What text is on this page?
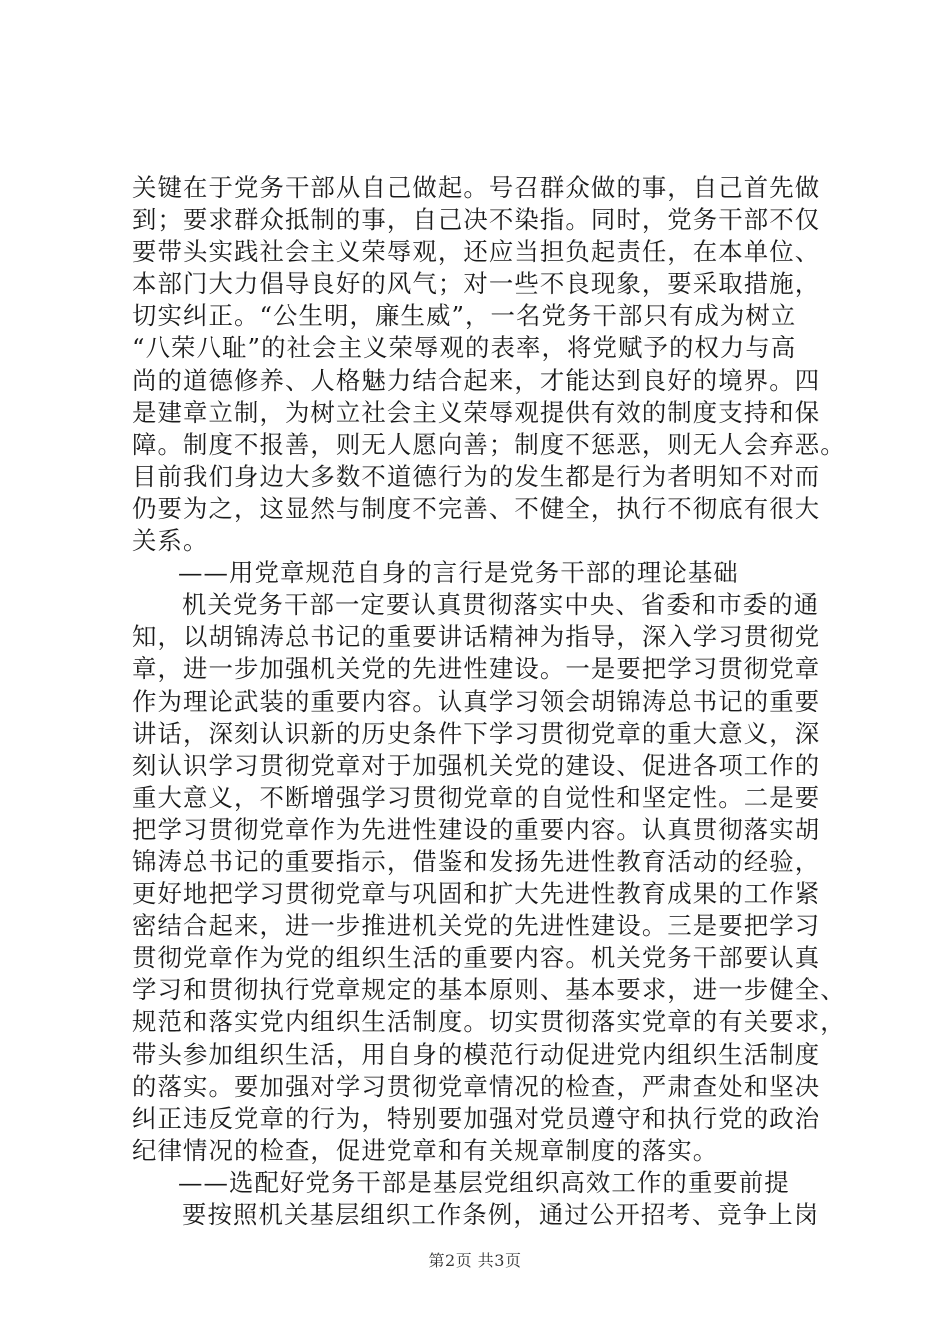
关键在于党务干部从自己做起。号召群众做的事，自己首先做
到；要求群众抵制的事，自己决不染指。同时，党务干部不仅
要带头实践社会主义荣辱观，还应当担负起责任，在本单位、
本部门大力倡导良好的风气；对一些不良现象，要采取措施，
切实纠正。“公生明，廉生威”，一名党务干部只有成为树立
“八荣八耻”的社会主义荣辱观的表率，将党赋予的权力与高
尚的道德修养、人格魅力结合起来，才能达到良好的境界。四
是建章立制，为树立社会主义荣辱观提供有效的制度支持和保
障。制度不报善，则无人愿向善；制度不惩恶，则无人会弃恶。
目前我们身边大多数不道德行为的发生都是行为者明知不对而
仍要为之，这显然与制度不完善、不健全，执行不彻底有很大
关系。
——用党章规范自身的言行是党务干部的理论基础
机关党务干部一定要认真贯彻落实中央、省委和市委的通
知，以胡锦涛总书记的重要讲话精神为指导，深入学习贯彻党
章，进一步加强机关党的先进性建设。一是要把学习贯彻党章
作为理论武装的重要内容。认真学习领会胡锦涛总书记的重要
讲话，深刻认识新的历史条件下学习贯彻党章的重大意义，深
刻认识学习贯彻党章对于加强机关党的建设、促进各项工作的
重大意义，不断增强学习贯彻党章的自觉性和坚定性。二是要
把学习贯彻党章作为先进性建设的重要内容。认真贯彻落实胡
锦涛总书记的重要指示，借鉴和发扬先进性教育活动的经验，
更好地把学习贯彻党章与巩固和扩大先进性教育成果的工作紧
密结合起来，进一步推进机关党的先进性建设。三是要把学习
贯彻党章作为党的组织生活的重要内容。机关党务干部要认真
学习和贯彻执行党章规定的基本原则、基本要求，进一步健全、
规范和落实党内组织生活制度。切实贯彻落实党章的有关要求，
带头参加组织生活，用自身的模范行动促进党内组织生活制度
的落实。要加强对学习贯彻党章情况的检查，严肃查处和坚决
纠正违反党章的行为，特别要加强对党员遵守和执行党的政治
纪律情况的检查，促进党章和有关规章制度的落实。
——选配好党务干部是基层党组织高效工作的重要前提
要按照机关基层组织工作条例，通过公开招考、竞争上岗
第2页 共3页
